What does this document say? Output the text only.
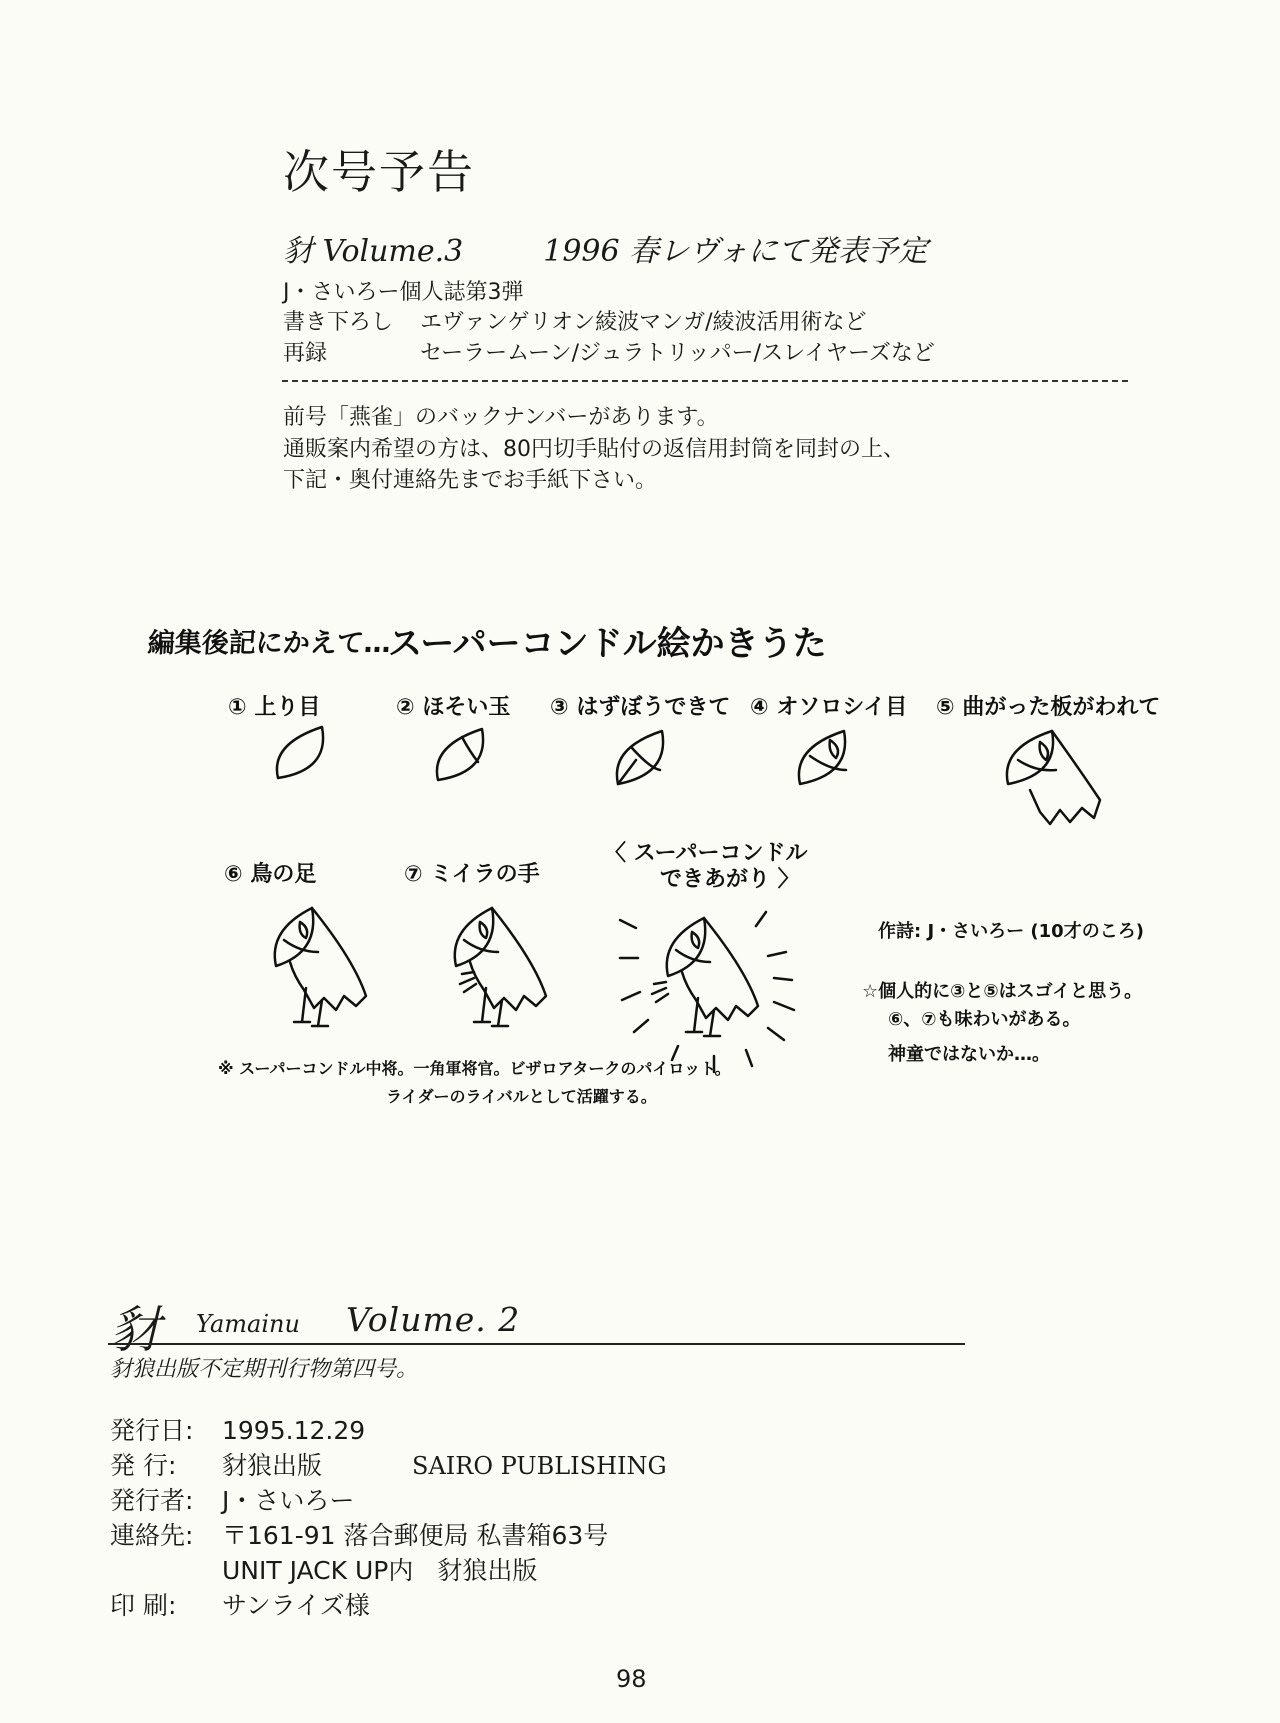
次号予告
豺 Volume.3	1996 春レヴォにて発表予定
J・さいろー個人誌第3弾
書き下ろし エヴァンゲリオン綾波マンガ/綾波活用術など
再録	セーラームーン/ジュラトリッパー/スレイヤーズなど
前号「燕雀」のバックナンバーがあります。
通販案内希望の方は、80円切手貼付の返信用封筒を同封の上、
下記・奥付連絡先までお手紙下さい。
編集後記にかえて…
スーパーコンドル絵かきうた
① 上り目	② ほそい玉 ③ はずぼうできて ④ オソロシイ目 ⑤ 曲がった板がわれて
⑥ 鳥の足	⑦ ミイラの手
〈 スーパーコンドル
できあがり 〉
※ スーパーコンドル中将。一角軍将官。ビザロアタークのパイロット。
ライダーのライバルとして活躍する。
作詩: J・さいろー (10才のころ)
☆個人的に③と⑤はスゴイと思う。
⑥、⑦も味わいがある。
神童ではないか…。
豺 Yamainu Volume. 2
豺狼出版不定期刊行物第四号。
発行日: 1995.12.29
発 行: 豺狼出版	SAIRO PUBLISHING
発行者: J・さいろー
連絡先: 〒161-91 落合郵便局 私書箱63号
UNIT JACK UP内 豺狼出版
印 刷: サンライズ様
98
